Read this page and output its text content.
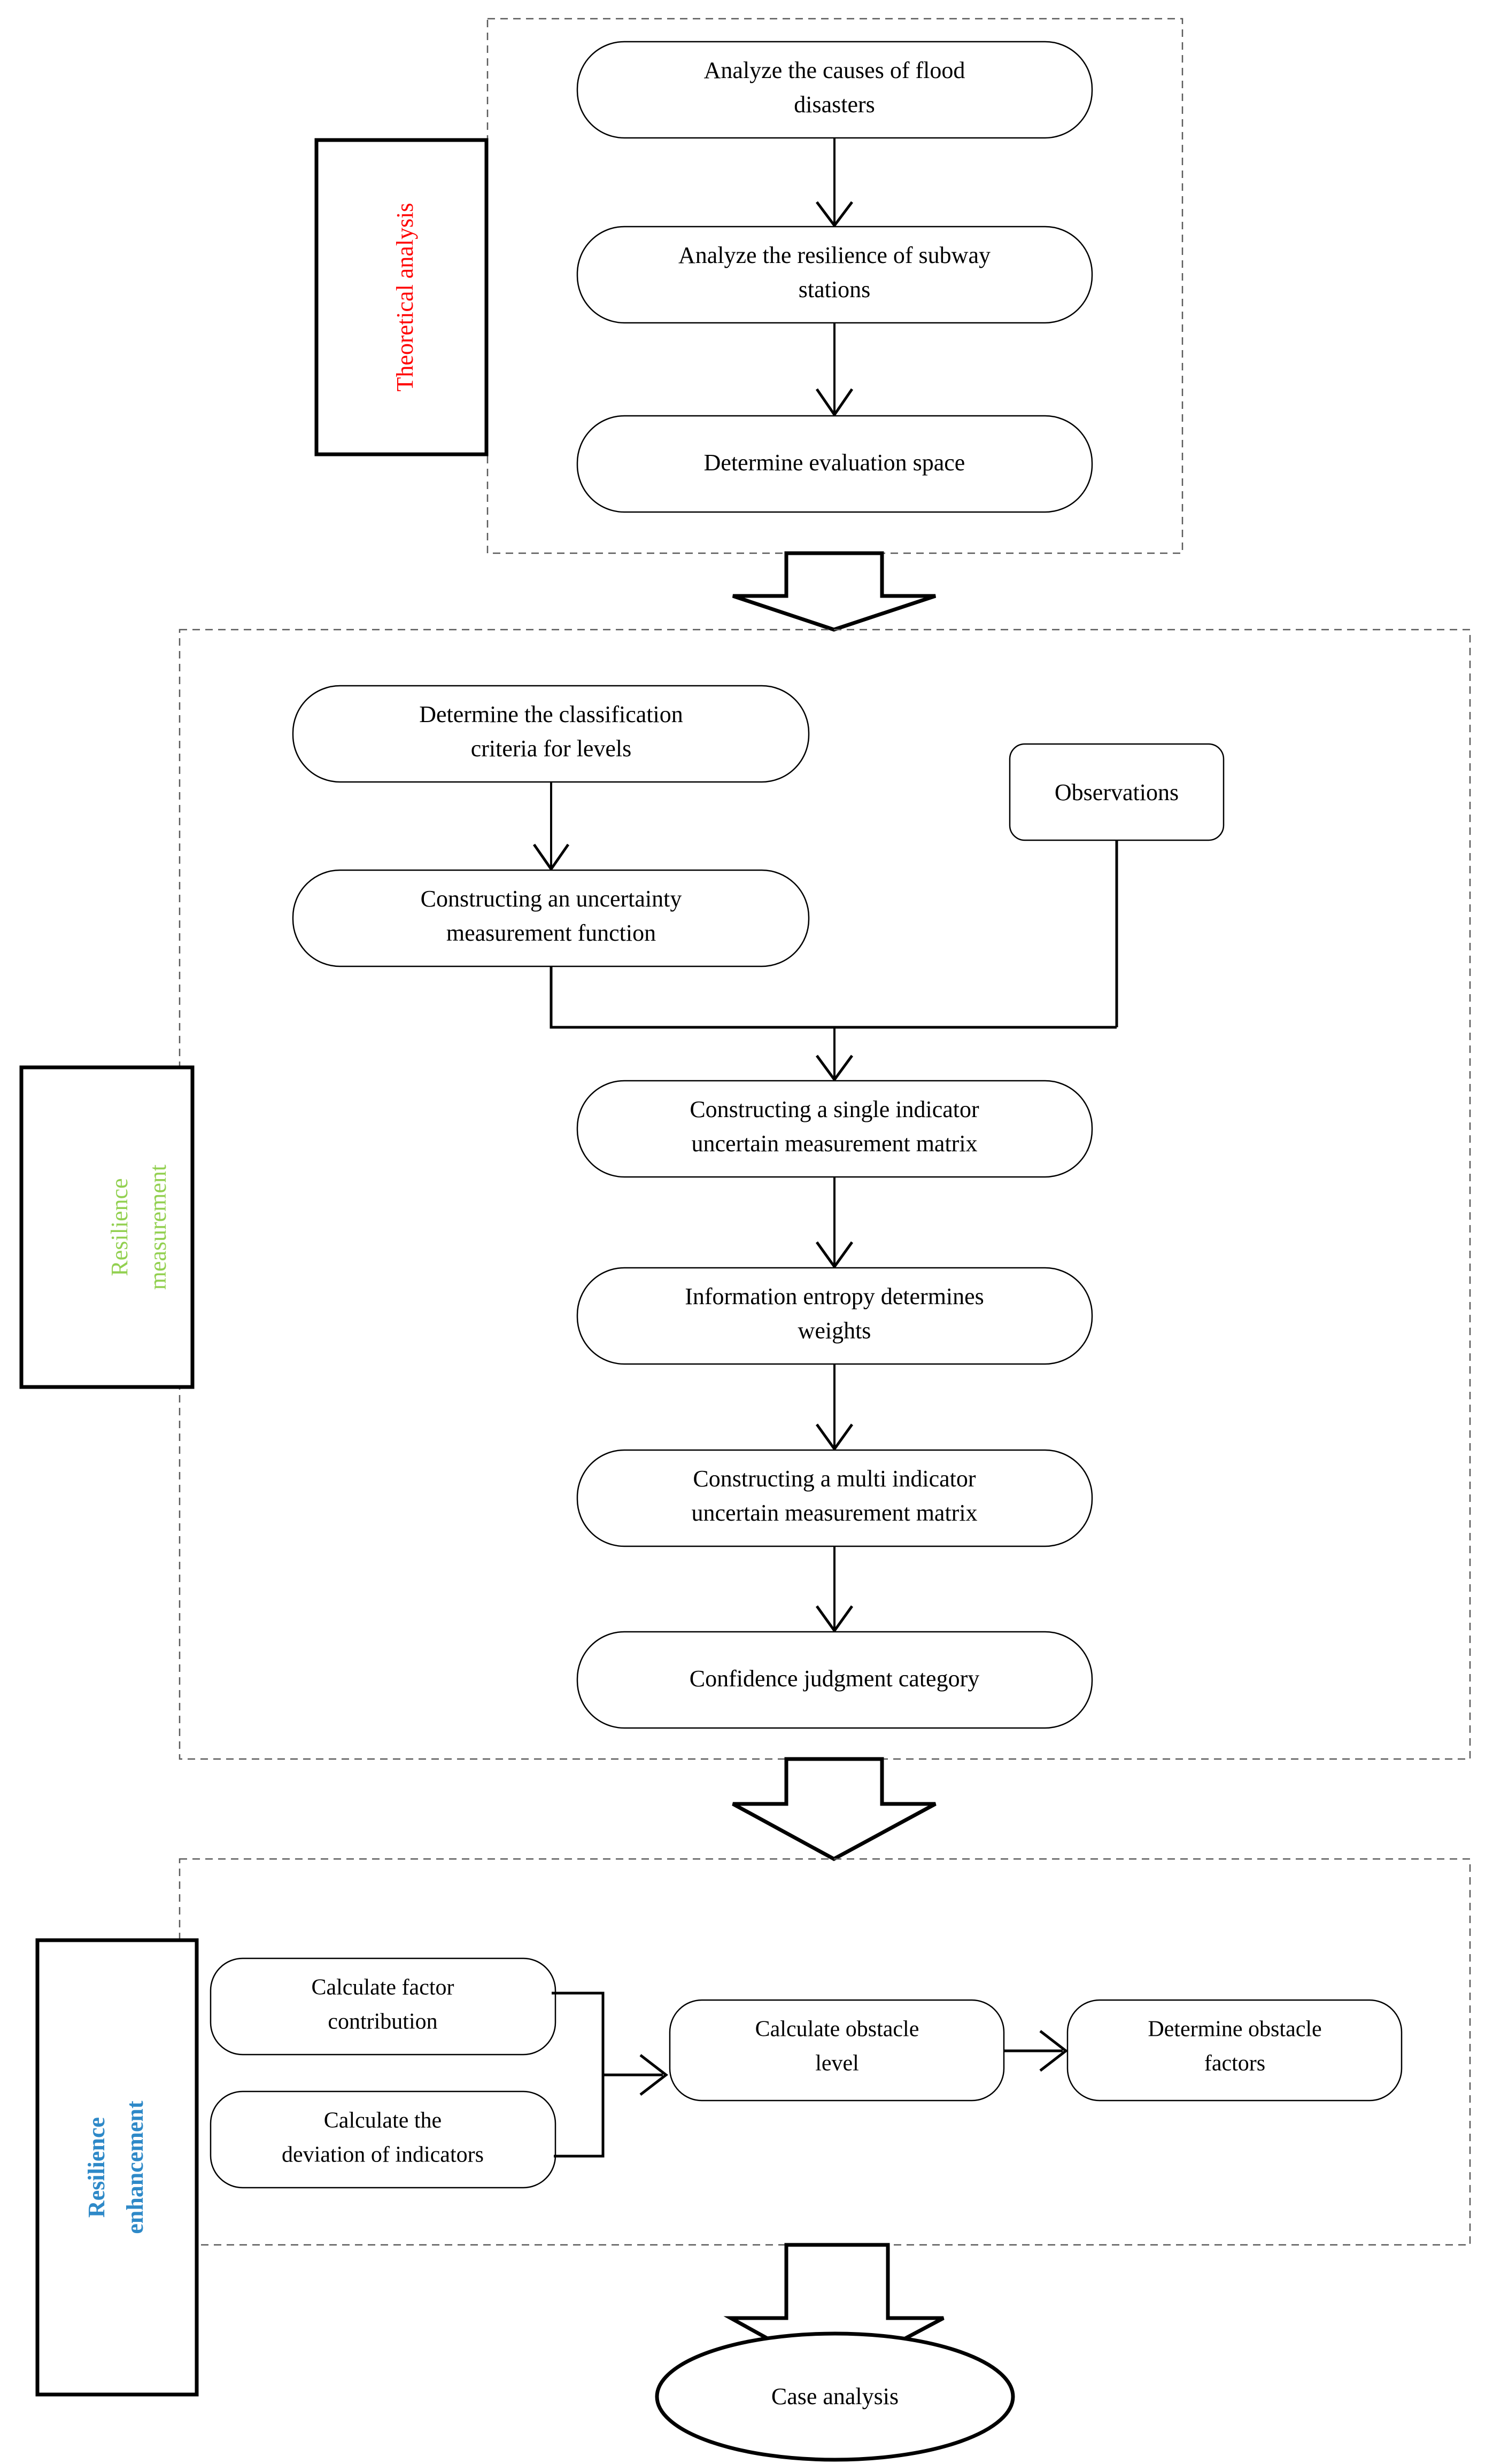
Theoretical analysis
Analyze the causes of flood
disasters
Analyze the resilience of subway
stations
Determine evaluation space
Resilience measurement
Determine the classification
criteria for levels
Constructing an uncertainty
measurement function
Observations
Constructing a single indicator
uncertain measurement matrix
Information entropy determines
weights
Constructing a multi indicator
uncertain measurement matrix
Confidence judgment category
Resilience enhancement
Calculate factor
contribution
Calculate the
deviation of indicators
Calculate obstacle
level
Determine obstacle
factors
Case analysis
